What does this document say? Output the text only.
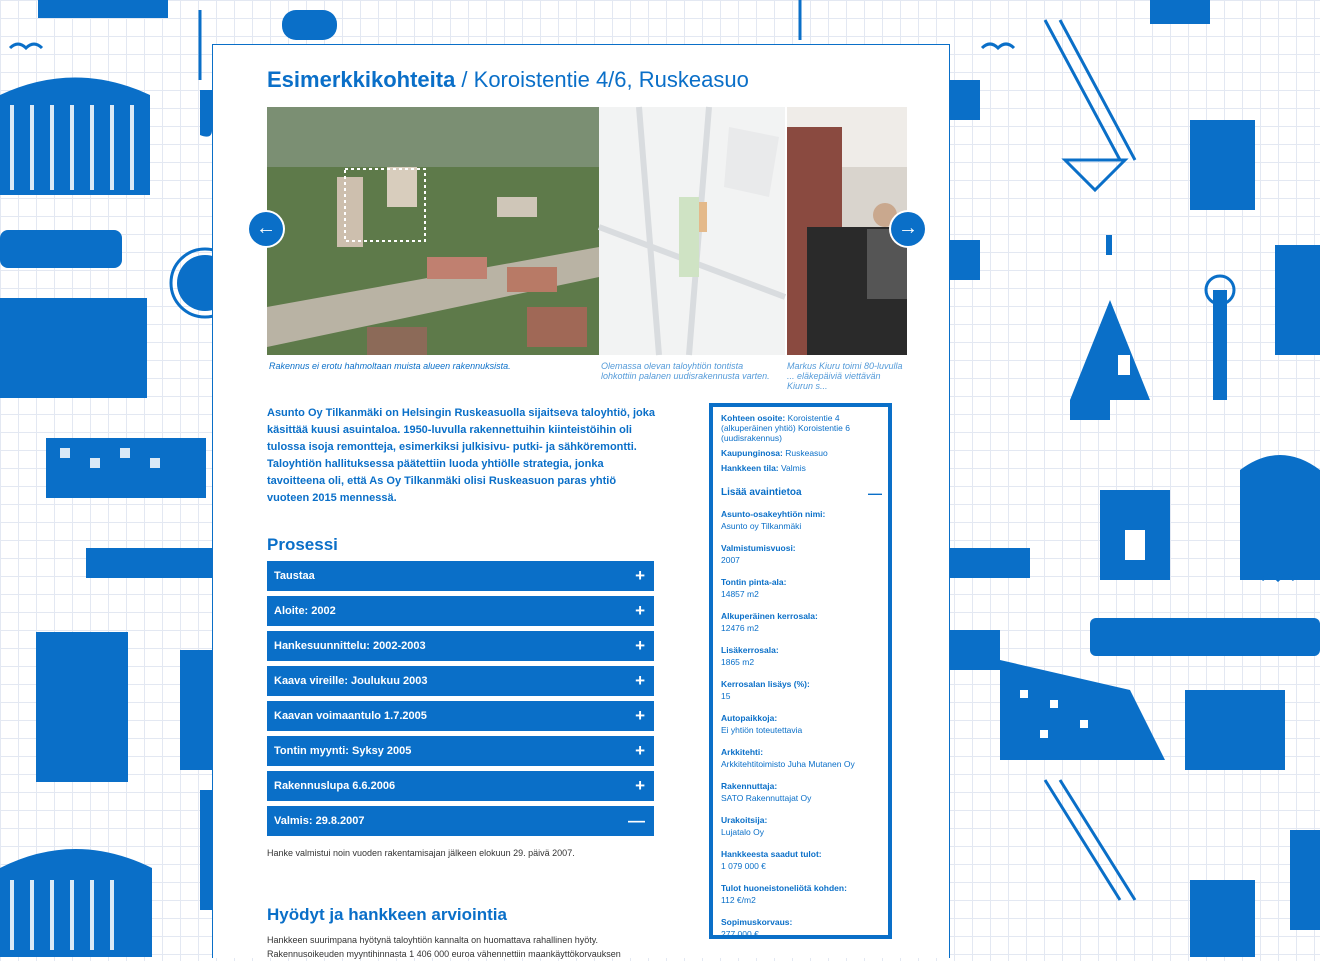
Esimerkkikohteita / Koroistentie 4/6, Ruskeasuo
Rakennus ei erotu hahmoltaan muista alueen rakennuksista.	Olemassa olevan taloyhtiön tontista lohkottiin palanen uudisrakennusta varten.
Markus Kiuru toimi 80-luvulla ... eläkepäiviä viettävän Kiurun s...
←	→
Asunto Oy Tilkanmäki on Helsingin Ruskeasuolla sijaitseva taloyhtiö, joka käsittää kuusi asuintaloa. 1950-luvulla rakennettuihin kiinteistöihin oli tulossa isoja remontteja, esimerkiksi julkisivu- putki- ja sähköremontti. Taloyhtiön hallituksessa päätettiin luoda yhtiölle strategia, jonka tavoitteena oli, että As Oy Tilkanmäki olisi Ruskeasuon paras yhtiö vuoteen 2015 mennessä.
Prosessi
Taustaa	+
Aloite: 2002	+
Hankesuunnittelu: 2002-2003	+
Kaava vireille: Joulukuu 2003	+
Kaavan voimaantulo 1.7.2005	+
Tontin myynti: Syksy 2005	+
Rakennuslupa 6.6.2006	+
Valmis: 29.8.2007	—
Hanke valmistui noin vuoden rakentamisajan jälkeen elokuun 29. päivä 2007.
Hyödyt ja hankkeen arviointia
Hankkeen suurimpana hyötynä taloyhtiön kannalta on huomattava rahallinen hyöty.
Rakennusoikeuden myyntihinnasta 1 406 000 euroa vähennettiin maankäyttökorvauksen
Kohteen osoite: Koroistentie 4 (alkuperäinen yhtiö) Koroistentie 6 (uudisrakennus)
Kaupunginosa: Ruskeasuo
Hankkeen tila: Valmis
Lisää avaintietoa	—
Asunto-osakeyhtiön nimi:
Asunto oy Tilkanmäki
Valmistumisvuosi:
2007
Tontin pinta-ala:
14857 m2
Alkuperäinen kerrosala:
12476 m2
Lisäkerrosala:
1865 m2
Kerrosalan lisäys (%):
15
Autopaikkoja:
Ei yhtiön toteutettavia
Arkkitehti:
Arkkitehtitoimisto Juha Mutanen Oy
Rakennuttaja:
SATO Rakennuttajat Oy
Urakoitsija:
Lujatalo Oy
Hankkeesta saadut tulot:
1 079 000 €
Tulot huoneistoneliötä kohden:
112 €/m2
Sopimuskorvaus:
277 000 €
